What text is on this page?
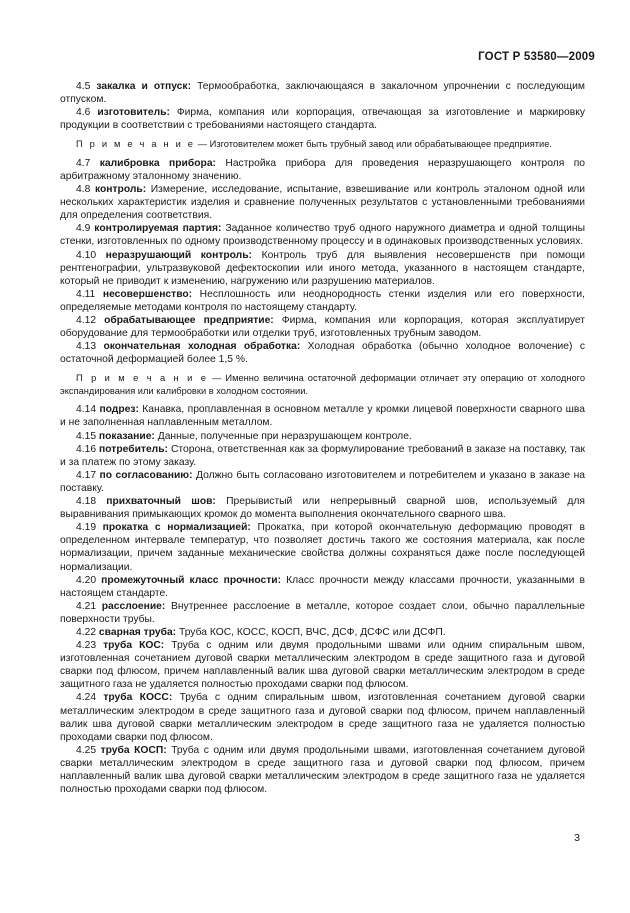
ГОСТ Р 53580—2009

4.5 закалка и отпуск: Термообработка, заключающаяся в закалочном упрочнении с последующим отпуском.

4.6 изготовитель: Фирма, компания или корпорация, отвечающая за изготовление и маркировку продукции в соответствии с требованиями настоящего стандарта.

П р и м е ч а н и е — Изготовителем может быть трубный завод или обрабатывающее предприятие.

4.7 калибровка прибора: Настройка прибора для проведения неразрушающего контроля по арбитражному эталонному значению.

4.8 контроль: Измерение, исследование, испытание, взвешивание или контроль эталоном одной или нескольких характеристик изделия и сравнение полученных результатов с установленными требованиями для определения соответствия.

4.9 контролируемая партия: Заданное количество труб одного наружного диаметра и одной толщины стенки, изготовленных по одному производственному процессу и в одинаковых производственных условиях.

4.10 неразрушающий контроль: Контроль труб для выявления несовершенств при помощи рентгенографии, ультразвуковой дефектоскопии или иного метода, указанного в настоящем стандарте, который не приводит к изменению, нагружению или разрушению материалов.

4.11 несовершенство: Несплошность или неоднородность стенки изделия или его поверхности, определяемые методами контроля по настоящему стандарту.

4.12 обрабатывающее предприятие: Фирма, компания или корпорация, которая эксплуатирует оборудование для термообработки или отделки труб, изготовленных трубным заводом.

4.13 окончательная холодная обработка: Холодная обработка (обычно холодное волочение) с остаточной деформацией более 1,5 %.

П р и м е ч а н и е — Именно величина остаточной деформации отличает эту операцию от холодного экспандирования или калибровки в холодном состоянии.

4.14 подрез: Канавка, проплавленная в основном металле у кромки лицевой поверхности сварного шва и не заполненная наплавленным металлом.

4.15 показание: Данные, полученные при неразрушающем контроле.

4.16 потребитель: Сторона, ответственная как за формулирование требований в заказе на поставку, так и за платеж по этому заказу.

4.17 по согласованию: Должно быть согласовано изготовителем и потребителем и указано в заказе на поставку.

4.18 прихваточный шов: Прерывистый или непрерывный сварной шов, используемый для выравнивания примыкающих кромок до момента выполнения окончательного сварного шва.

4.19 прокатка с нормализацией: Прокатка, при которой окончательную деформацию проводят в определенном интервале температур, что позволяет достичь такого же состояния материала, как после нормализации, причем заданные механические свойства должны сохраняться даже после последующей нормализации.

4.20 промежуточный класс прочности: Класс прочности между классами прочности, указанными в настоящем стандарте.

4.21 расслоение: Внутреннее расслоение в металле, которое создает слои, обычно параллельные поверхности трубы.

4.22 сварная труба: Труба КОС, КОСС, КОСП, ВЧС, ДСФ, ДСФС или ДСФП.

4.23 труба КОС: Труба с одним или двумя продольными швами или одним спиральным швом, изготовленная сочетанием дуговой сварки металлическим электродом в среде защитного газа и дуговой сварки под флюсом, причем наплавленный валик шва дуговой сварки металлическим электродом в среде защитного газа не удаляется полностью проходами сварки под флюсом.

4.24 труба КОСС: Труба с одним спиральным швом, изготовленная сочетанием дуговой сварки металлическим электродом в среде защитного газа и дуговой сварки под флюсом, причем наплавленный валик шва дуговой сварки металлическим электродом в среде защитного газа не удаляется полностью проходами сварки под флюсом.

4.25 труба КОСП: Труба с одним или двумя продольными швами, изготовленная сочетанием дуговой сварки металлическим электродом в среде защитного газа и дуговой сварки под флюсом, причем наплавленный валик шва дуговой сварки металлическим электродом в среде защитного газа не удаляется полностью проходами сварки под флюсом.

3
